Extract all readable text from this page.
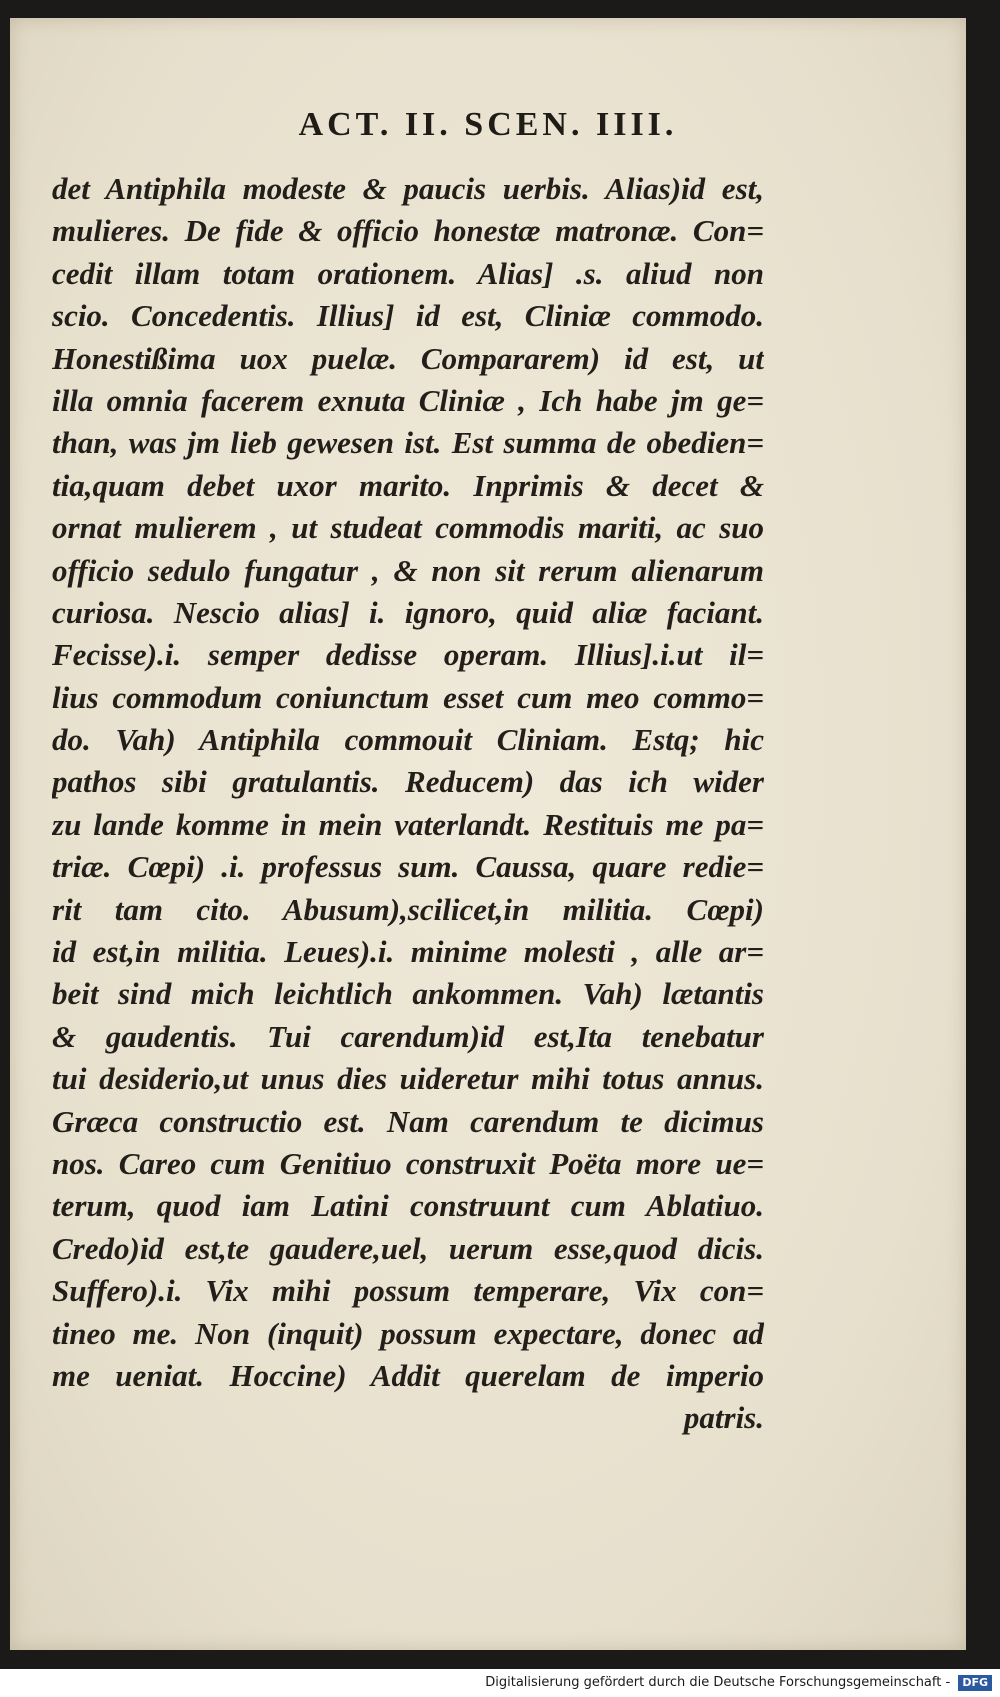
ACT. II. SCEN. IIII.
det Antiphila modeste & paucis uerbis. Alias)id est,
mulieres. De fide & officio honestæ matronæ. Con=
cedit illam totam orationem. Alias] .s. aliud non
scio. Concedentis. Illius] id est, Cliniæ commodo.
Honestißima uox puelæ. Compararem) id est, ut
illa omnia facerem exnuta Cliniæ , Ich habe jm ge=
than, was jm lieb gewesen ist. Est summa de obedien=
tia,quam debet uxor marito. Inprimis & decet &
ornat mulierem , ut studeat commodis mariti, ac suo
officio sedulo fungatur , & non sit rerum alienarum
curiosa. Nescio alias] i. ignoro, quid aliæ faciant.
Fecisse).i. semper dedisse operam. Illius].i.ut il=
lius commodum coniunctum esset cum meo commo=
do. Vah) Antiphila commouit Cliniam. Estq; hic
pathos sibi gratulantis. Reducem) das ich wider
zu lande komme in mein vaterlandt. Restituis me pa=
triæ. Cœpi) .i. professus sum. Caussa, quare redie=
rit tam cito. Abusum),scilicet,in militia. Cœpi)
id est,in militia. Leues).i. minime molesti , alle ar=
beit sind mich leichtlich ankommen. Vah) lætantis
& gaudentis. Tui carendum)id est,Ita tenebatur
tui desiderio,ut unus dies uideretur mihi totus annus.
Græca constructio est. Nam carendum te dicimus
nos. Careo cum Genitiuo construxit Poëta more ue=
terum, quod iam Latini construunt cum Ablatiuo.
Credo)id est,te gaudere,uel, uerum esse,quod dicis.
Suffero).i. Vix mihi possum temperare, Vix con=
tineo me. Non (inquit) possum expectare, donec ad
me ueniat. Hoccine) Addit querelam de imperio
patris.
Digitalisierung gefördert durch die Deutsche Forschungsgemeinschaft - DFG
